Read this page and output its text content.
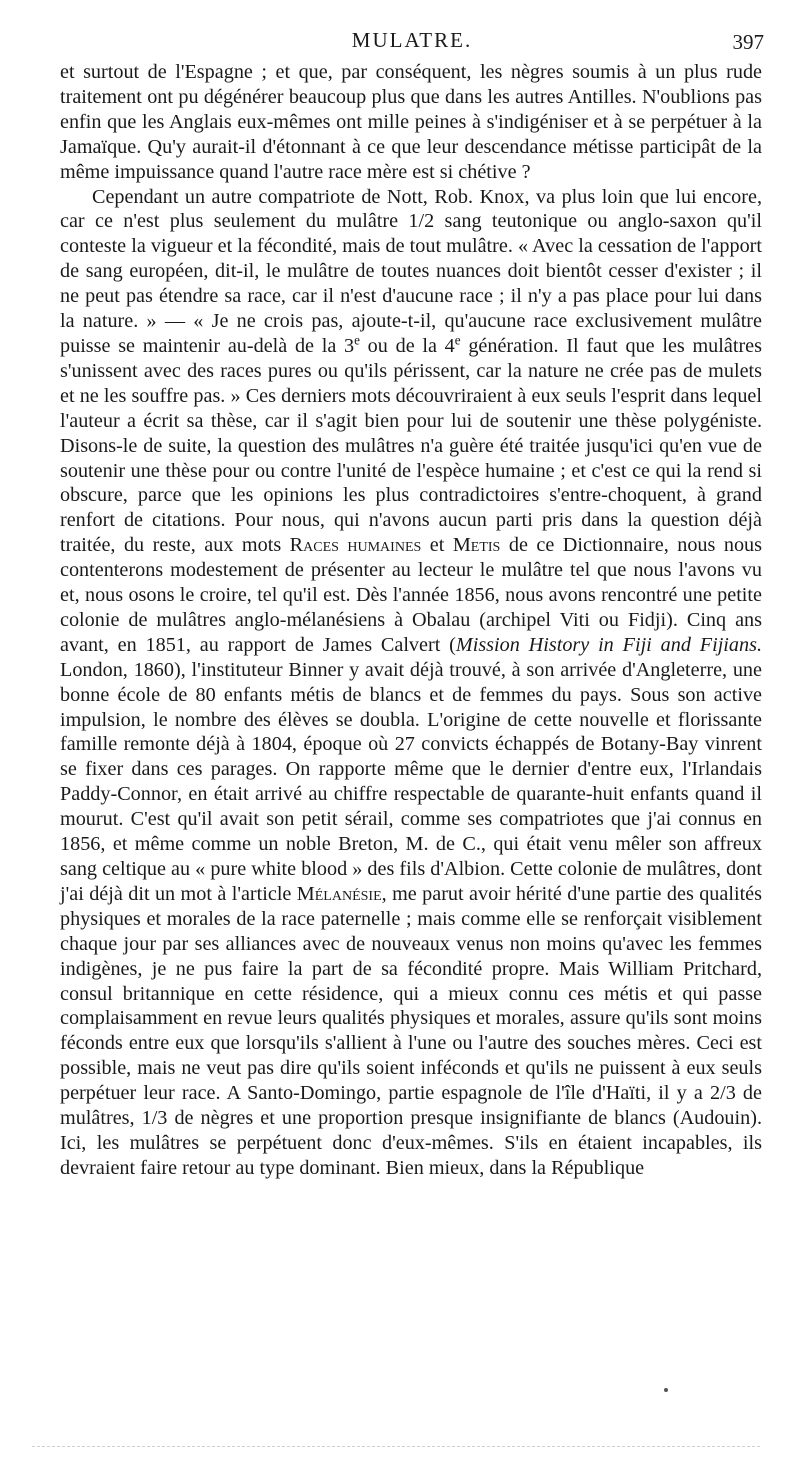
MULATRE.	397

et surtout de l'Espagne ; et que, par conséquent, les nègres soumis à un plus rude traitement ont pu dégénérer beaucoup plus que dans les autres Antilles. N'oublions pas enfin que les Anglais eux-mêmes ont mille peines à s'indigéniser et à se perpétuer à la Jamaïque. Qu'y aurait-il d'étonnant à ce que leur descendance métisse participât de la même impuissance quand l'autre race mère est si chétive ?

Cependant un autre compatriote de Nott, Rob. Knox, va plus loin que lui encore, car ce n'est plus seulement du mulâtre 1/2 sang teutonique ou anglo-saxon qu'il conteste la vigueur et la fécondité, mais de tout mulâtre. « Avec la cessation de l'apport de sang européen, dit-il, le mulâtre de toutes nuances doit bientôt cesser d'exister ; il ne peut pas étendre sa race, car il n'est d'aucune race ; il n'y a pas place pour lui dans la nature. » — « Je ne crois pas, ajoute-t-il, qu'aucune race exclusivement mulâtre puisse se maintenir au-delà de la 3e ou de la 4e génération. Il faut que les mulâtres s'unissent avec des races pures ou qu'ils périssent, car la nature ne crée pas de mulets et ne les souffre pas. » Ces derniers mots découvriraient à eux seuls l'esprit dans lequel l'auteur a écrit sa thèse, car il s'agit bien pour lui de soutenir une thèse polygéniste. Disons-le de suite, la question des mulâtres n'a guère été traitée jusqu'ici qu'en vue de soutenir une thèse pour ou contre l'unité de l'espèce humaine ; et c'est ce qui la rend si obscure, parce que les opinions les plus contradictoires s'entre-choquent, à grand renfort de citations. Pour nous, qui n'avons aucun parti pris dans la question déjà traitée, du reste, aux mots Races humaines et Metis de ce Dictionnaire, nous nous contenterons modestement de présenter au lecteur le mulâtre tel que nous l'avons vu et, nous osons le croire, tel qu'il est. Dès l'année 1856, nous avons rencontré une petite colonie de mulâtres anglo-mélanésiens à Obalau (archipel Viti ou Fidji). Cinq ans avant, en 1851, au rapport de James Calvert (Mission History in Fiji and Fijians. London, 1860), l'instituteur Binner y avait déjà trouvé, à son arrivée d'Angleterre, une bonne école de 80 enfants métis de blancs et de femmes du pays. Sous son active impulsion, le nombre des élèves se doubla. L'origine de cette nouvelle et florissante famille remonte déjà à 1804, époque où 27 convicts échappés de Botany-Bay vinrent se fixer dans ces parages. On rapporte même que le dernier d'entre eux, l'Irlandais Paddy-Connor, en était arrivé au chiffre respectable de quarante-huit enfants quand il mourut. C'est qu'il avait son petit sérail, comme ses compatriotes que j'ai connus en 1856, et même comme un noble Breton, M. de C., qui était venu mêler son affreux sang celtique au « pure white blood » des fils d'Albion. Cette colonie de mulâtres, dont j'ai déjà dit un mot à l'article Mélanésie, me parut avoir hérité d'une partie des qualités physiques et morales de la race paternelle ; mais comme elle se renforçait visiblement chaque jour par ses alliances avec de nouveaux venus non moins qu'avec les femmes indigènes, je ne pus faire la part de sa fécondité propre. Mais William Pritchard, consul britannique en cette résidence, qui a mieux connu ces métis et qui passe complaisamment en revue leurs qualités physiques et morales, assure qu'ils sont moins féconds entre eux que lorsqu'ils s'allient à l'une ou l'autre des souches mères. Ceci est possible, mais ne veut pas dire qu'ils soient inféconds et qu'ils ne puissent à eux seuls perpétuer leur race. A Santo-Domingo, partie espagnole de l'île d'Haïti, il y a 2/3 de mulâtres, 1/3 de nègres et une proportion presque insignifiante de blancs (Audouin). Ici, les mulâtres se perpétuent donc d'eux-mêmes. S'ils en étaient incapables, ils devraient faire retour au type dominant. Bien mieux, dans la République
